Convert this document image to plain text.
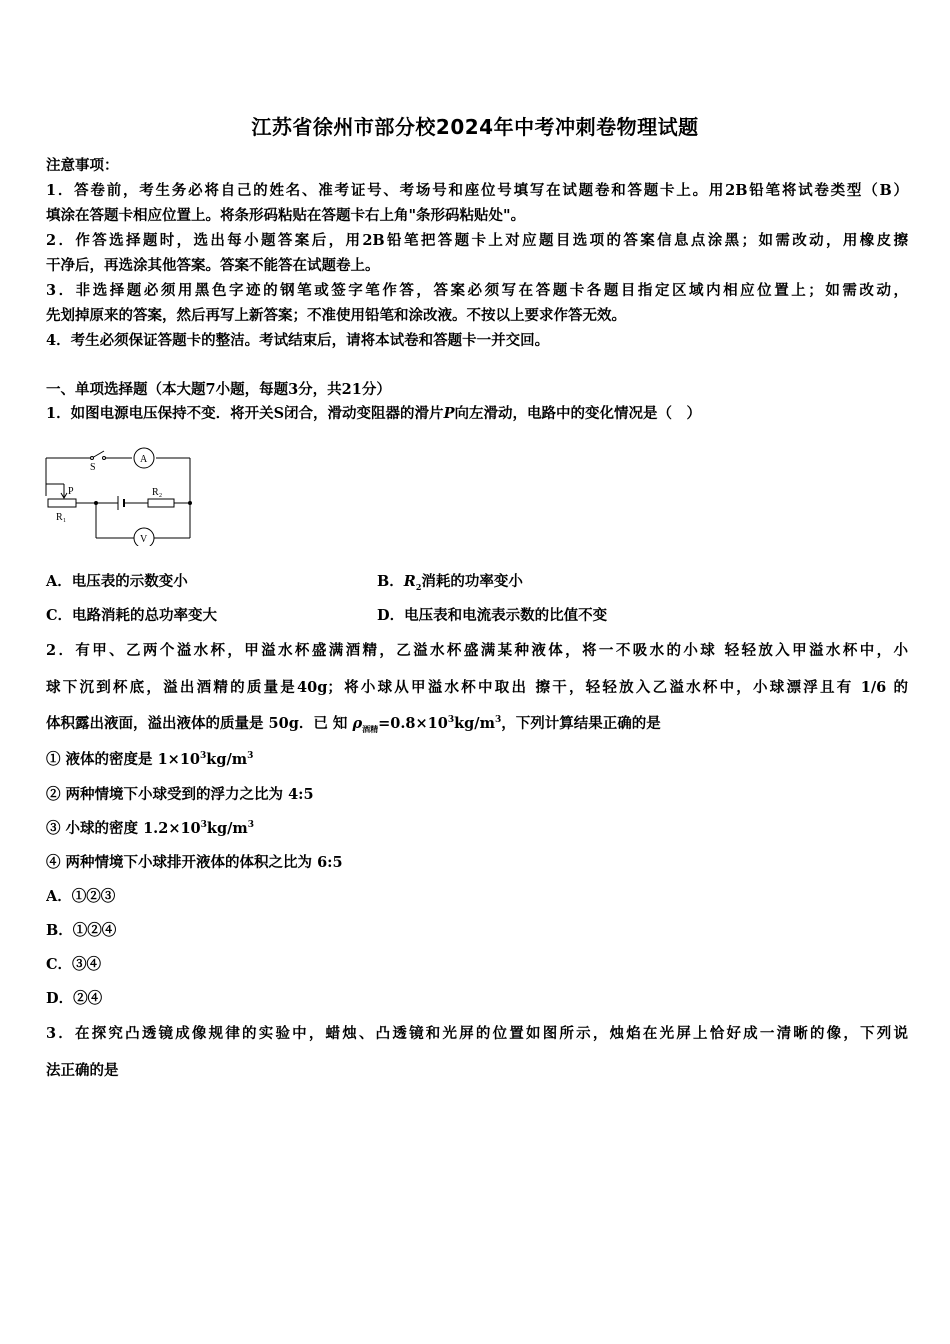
江苏省徐州市部分校2024年中考冲刺卷物理试题
注意事项：
1．答卷前，考生务必将自己的姓名、准考证号、考场号和座位号填写在试题卷和答题卡上。用2B铅笔将试卷类型（B）
填涂在答题卡相应位置上。将条形码粘贴在答题卡右上角"条形码粘贴处"。
2．作答选择题时，选出每小题答案后，用2B铅笔把答题卡上对应题目选项的答案信息点涂黑；如需改动，用橡皮擦
干净后，再选涂其他答案。答案不能答在试题卷上。
3．非选择题必须用黑色字迹的钢笔或签字笔作答，答案必须写在答题卡各题目指定区域内相应位置上；如需改动，
先划掉原来的答案，然后再写上新答案；不准使用铅笔和涂改液。不按以上要求作答无效。
4．考生必须保证答题卡的整洁。考试结束后，请将本试卷和答题卡一并交回。
一、单项选择题（本大题7小题，每题3分，共21分）
1．如图电源电压保持不变．将开关S闭合，滑动变阻器的滑片P向左滑动，电路中的变化情况是（　）
S
A
V
P
R 1
R 2
A．电压表的示数变小	B．$R_2$消耗的功率变小
C．电路消耗的总功率变大	D．电压表和电流表示数的比值不变
2．有甲、乙两个溢水杯，甲溢水杯盛满酒精，乙溢水杯盛满某种液体，将一不吸水的小球 轻轻放入甲溢水杯中，小
球下沉到杯底，溢出酒精的质量是40g；将小球从甲溢水杯中取出 擦干，轻轻放入乙溢水杯中，小球漂浮且有 1/6 的
体积露出液面，溢出液体的质量是 50g．已 知 $\rho_{酒精}=0.8\times 10^3kg/m^3$，下列计算结果正确的是
① 液体的密度是 $1\times 10^3kg/m^3$
② 两种情境下小球受到的浮力之比为 4:5
③ 小球的密度 $1.2\times 10^3kg/m^3$
④ 两种情境下小球排开液体的体积之比为 6:5
A．①②③
B．①②④
C．③④
D．②④
3．在探究凸透镜成像规律的实验中，蜡烛、凸透镜和光屏的位置如图所示，烛焰在光屏上恰好成一清晰的像，下列说
法正确的是
